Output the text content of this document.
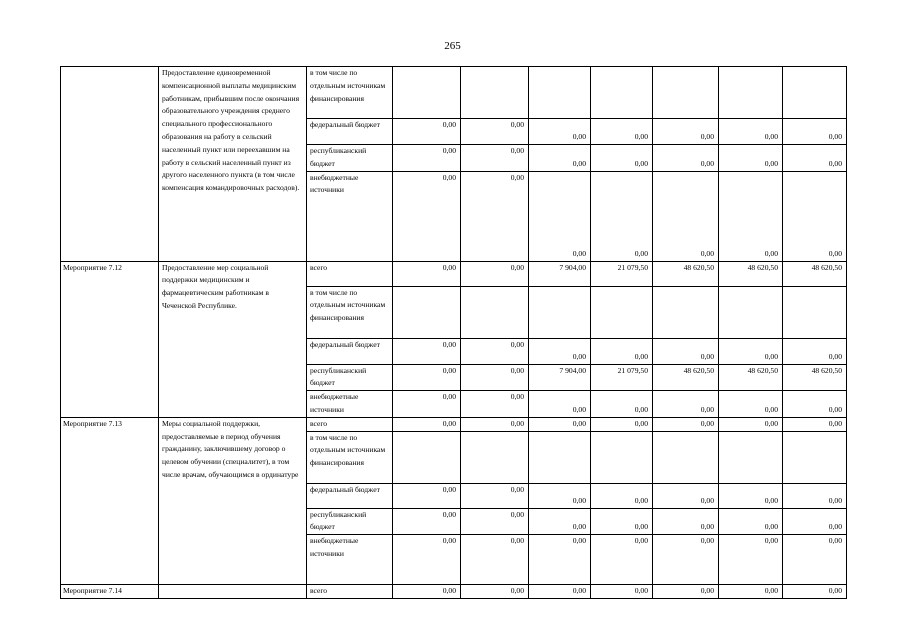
265
	Предоставление единовременной компенсационной выплаты медицинским работникам, прибывшим после окончания образовательного учреждения среднего специального профессионального образования на работу в сельский населенный пункт или переехавшим на работу в сельский населенный пункт из другого населенного пункта (в том числе компенсация командировочных расходов).	в том числе по отдельным источникам финансирования							
		федеральный бюджет	0,00	0,00	0,00	0,00	0,00	0,00	0,00
		республиканский бюджет	0,00	0,00	0,00	0,00	0,00	0,00	0,00
		внебюджетные источники	0,00	0,00	0,00	0,00	0,00	0,00	0,00
Мероприятие 7.12	Предоставление мер социальной поддержки медицинским и фармацевтическим работникам в Чеченской Республике.	всего	0,00	0,00	7 904,00	21 079,50	48 620,50	48 620,50	48 620,50
		в том числе по отдельным источникам финансирования							
		федеральный бюджет	0,00	0,00	0,00	0,00	0,00	0,00	0,00
		республиканский бюджет	0,00	0,00	7 904,00	21 079,50	48 620,50	48 620,50	48 620,50
		внебюджетные источники	0,00	0,00	0,00	0,00	0,00	0,00	0,00
Мероприятие 7.13	Меры социальной поддержки, предоставляемые в период обучения гражданину, заключившему договор о целевом обучении (специалитет), в том числе врачам, обучающимся в ординатуре	всего	0,00	0,00	0,00	0,00	0,00	0,00	0,00
		в том числе по отдельным источникам финансирования							
		федеральный бюджет	0,00	0,00	0,00	0,00	0,00	0,00	0,00
		республиканский бюджет	0,00	0,00	0,00	0,00	0,00	0,00	0,00
		внебюджетные источники	0,00	0,00	0,00	0,00	0,00	0,00	0,00
Мероприятие 7.14		всего	0,00	0,00	0,00	0,00	0,00	0,00	0,00
